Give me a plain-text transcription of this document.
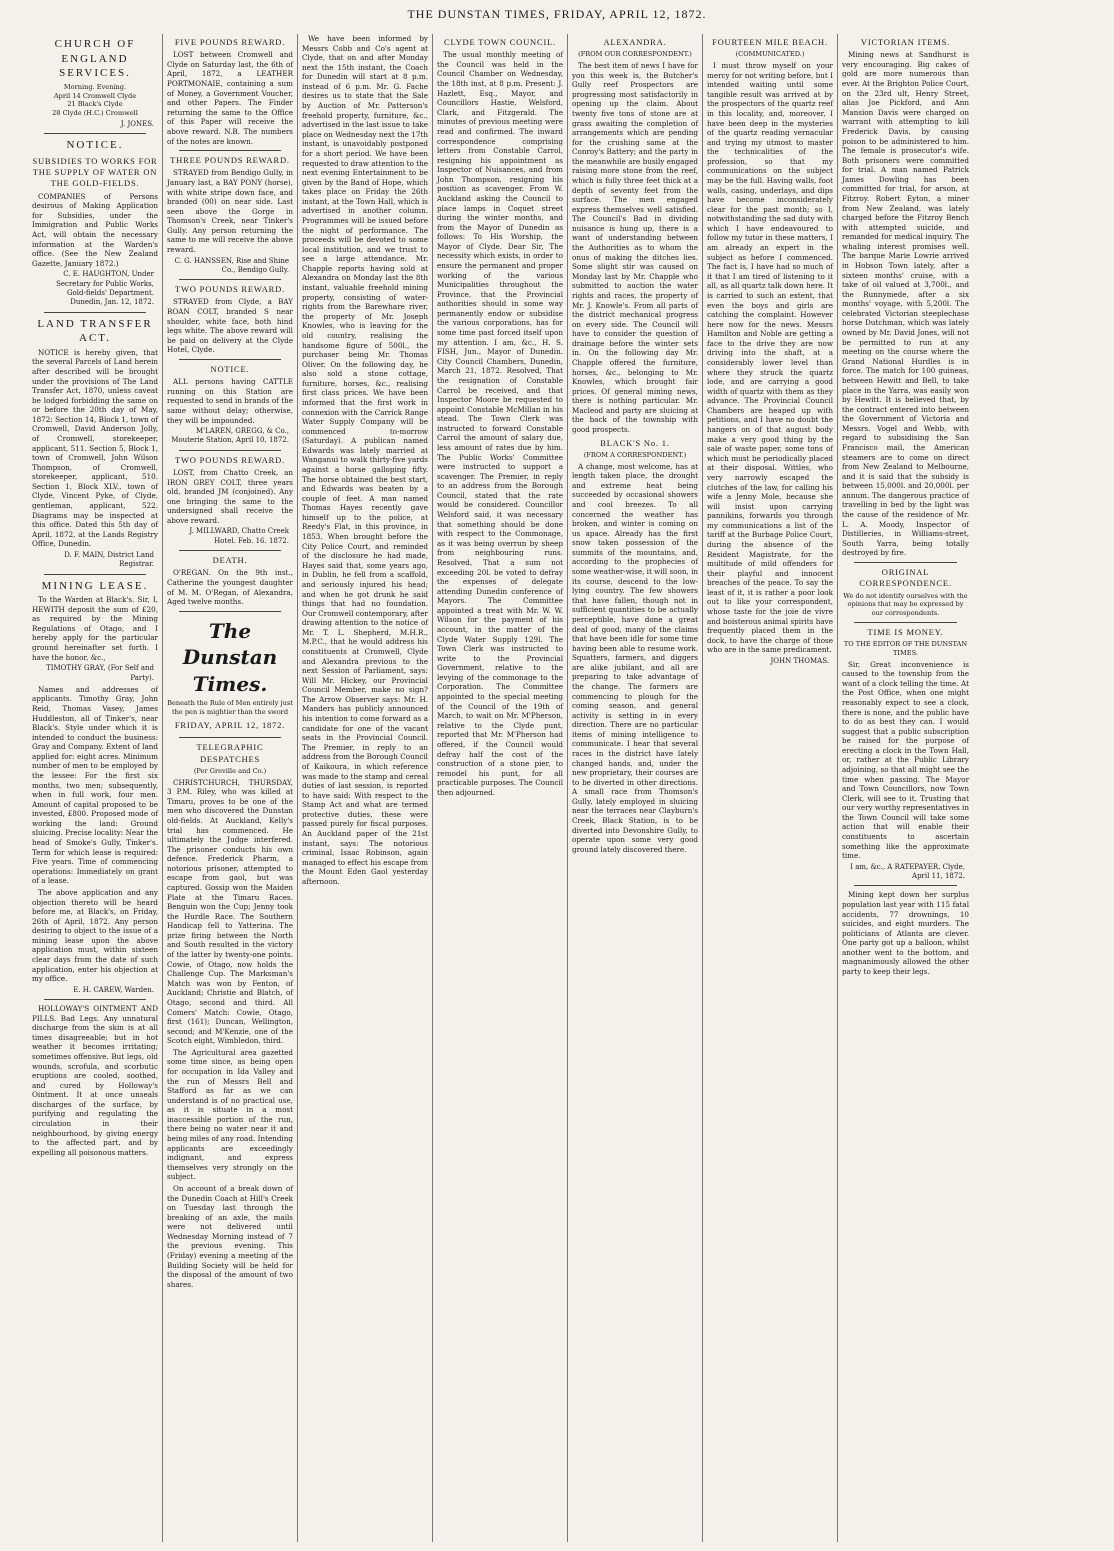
THE DUNSTAN TIMES, FRIDAY, APRIL 12, 1872.
CHURCH OF ENGLAND SERVICES.
Morning. Evening.
April 14 Cromwell Clyde
21 Black's Clyde
28 Clyde (H.C.) Cromwell
J. JONES.
NOTICE.
SUBSIDIES TO WORKS FOR THE SUPPLY OF WATER ON THE GOLD-FIELDS.

COMPANIES of Persons desirous of Making Application for Subsidies, under the Immigration and Public Works Act, will obtain the necessary information at the Warden's office. (See the New Zealand Gazette, January 1872.)

C. E. HAUGHTON, Under Secretary for Public Works, Gold-fields' Department. Dunedin, Jan. 12, 1872.
LAND TRANSFER ACT.

NOTICE is hereby given, that the several Parcels of Land herein after described will be brought under the provisions of The Land Transfer Act, 1870, unless caveat be lodged forbidding the same on or before the 20th day of May, 1872: Section 14, Block 1, town of Cromwell, David Anderson Jolly, of Cromwell, storekeeper, applicant, 511. Section 5, Block 1, town of Cromwell, John Wilson Thompson, of Cromwell, storekeeper, applicant, 510. Section 1, Block XLV., town of Clyde, Vincent Pyke, of Clyde, gentleman, applicant, 522. Diagrams may be inspected at this office. Dated this 5th day of April, 1872, at the Lands Registry Office, Dunedin.

D. F. MAIN, District Land Registrar.
MINING LEASE.

To the Warden at Black's. Sir, I, HEWITH deposit the sum of £20, as required by the Mining Regulations of Otago, and I hereby apply for the particular ground hereinafter set forth. I have the honor, &c.,

TIMOTHY GRAY, (For Self and Party).

Names and addresses of applicants. Timothy Gray, John Reid, Thomas Vasey, James Huddleston, all of Tinker's, near Black's. Style under which it is intended to conduct the business: Gray and Company. Extent of land applied for: eight acres. Minimum number of men to be employed by the lessee: For the first six months, two men; subsequently, when in full work, four men. Amount of capital proposed to be invested, £800. Proposed mode of working the land: Ground sluicing. Precise locality: Near the head of Smoke's Gully, Tinker's. Term for which lease is required: Five years. Time of commencing operations: Immediately on grant of a lease.

The above application and any objection thereto will be heard before me, at Black's, on Friday, 26th of April, 1872. Any person desiring to object to the issue of a mining lease upon the above application must, within sixteen clear days from the date of such application, enter his objection at my office.

E. H. CAREW, Warden.

HOLLOWAY'S OINTMENT AND PILLS. Bad Legs. Any unnatural discharge from the skin is at all times disagreeable; but in hot weather it becomes irritating; sometimes offensive. But legs, old wounds, scrofula, and scorbutic eruptions are cooled, soothed, and cured by Holloway's Ointment. It at once unseals discharges of the surface, by purifying and regulating the circulation in their neighbourhood, by giving energy to the affected part, and by expelling all poisonous matters.

FIVE POUNDS REWARD.

LOST between Cromwell and Clyde on Saturday last, the 6th of April, 1872, a LEATHER PORTMONAIE, containing a sum of Money, a Government Voucher, and other Papers. The Finder returning the same to the Office of this Paper will receive the above reward. N.B. The numbers of the notes are known.

THREE POUNDS REWARD.

STRAYED from Bendigo Gully, in January last, a BAY PONY (horse), with white stripe down face, and branded (00) on near side. Last seen above the Gorge in Thomson's Creek, near Tinker's Gully. Any person returning the same to me will receive the above reward.

C. G. HANSSEN, Rise and Shine Co., Bendigo Gully.
TWO POUNDS REWARD.

STRAYED from Clyde, a BAY ROAN COLT, branded S near shoulder, white face, both hind legs white. The above reward will be paid on delivery at the Clyde Hotel, Clyde.

NOTICE.

ALL persons having CATTLE running on this Station are requested to send in brands of the same without delay; otherwise, they will be impounded.

M'LAREN, GREGG, & Co., Mouterie Station, April 10, 1872.
TWO POUNDS REWARD.

LOST, from Chatto Creek, an IRON GREY COLT, three years old, branded JM (conjoined). Any one bringing the same to the undersigned shall receive the above reward.

J. MILLWARD, Chatto Creek Hotel. Feb. 16. 1872.
DEATH.

O'REGAN. On the 9th inst., Catherine the youngest daughter of M. M. O'Regan, of Alexandra, Aged twelve months.

The Dunstan Times.
Beneath the Rule of Men entirely just the pen is mightier than the sword
FRIDAY, APRIL 12, 1872.
TELEGRAPHIC DESPATCHES
(Per Greville and Co.)

CHRISTCHURCH, THURSDAY, 3 P.M. Riley, who was killed at Timaru, proves to be one of the men who discovered the Dunstan old-fields. At Auckland, Kelly's trial has commenced. He ultimately the Judge interfered. The prisoner conducts his own defence. Frederick Pharm, a notorious prisoner, attempted to escape from gaol, but was captured. Gossip won the Maiden Plate at the Timaru Races. Benguin won the Cup; Jenny took the Hurdle Race. The Southern Handicap fell to Yatterina. The prize firing between the North and South resulted in the victory of the latter by twenty-one points. Cowie, of Otago, now holds the Challenge Cup. The Marksman's Match was won by Fenton, of Auckland; Christie and Blatch, of Otago, second and third. All Comers' Match: Cowie, Otago, first (161); Duncan, Wellington, second; and M'Kenzie, one of the Scotch eight, Wimbledon, third.

The Agricultural area gazetted some time since, as being open for occupation in Ida Valley and the run of Messrs Bell and Stafford as far as we can understand is of no practical use, as it is situate in a most inaccessible portion of the run, there being no water near it and being miles of any road. Intending applicants are exceedingly indignant, and express themselves very strongly on the subject.

On account of a break down of the Dunedin Coach at Hill's Creek on Tuesday last through the breaking of an axle, the mails were not delivered until Wednesday Morning instead of 7 the previous evening. This (Friday) evening a meeting of the Building Society will be held for the disposal of the amount of two shares.

We have been informed by Messrs Cobb and Co's agent at Clyde, that on and after Monday next the 15th instant, the Coach for Dunedin will start at 8 p.m. instead of 6 p.m. Mr. G. Fache desires us to state that the Sale by Auction of Mr. Patterson's freehold property, furniture, &c., advertised in the last issue to take place on Wednesday next the 17th instant, is unavoidably postponed for a short period. We have been requested to draw attention to the next evening Entertainment to be given by the Band of Hope, which takes place on Friday the 26th instant, at the Town Hall, which is advertised in another column. Programmes will be issued before the night of performance. The proceeds will be devoted to some local institution, and we trust to see a large attendance. Mr. Chapple reports having sold at Alexandra on Monday last the 8th instant, valuable freehold mining property, consisting of water-rights from the Barewhare river, the property of Mr. Joseph Knowles, who is leaving for the old country, realising the handsome figure of 500l., the purchaser being Mr. Thomas Oliver. On the following day, he also sold a stone cottage, furniture, horses, &c., realising first class prices. We have been informed that the first work in connexion with the Carrick Range Water Supply Company will be commenced to-morrow (Saturday). A publican named Edwards was lately married at Wanganui to walk thirty-five yards against a horse galloping fifty. The horse obtained the best start, and Edwards was beaten by a couple of feet. A man named Thomas Hayes recently gave himself up to the police, at Reedy's Flat, in this province, in 1853. When brought before the City Police Court, and reminded of the disclosure he had made, Hayes said that, some years ago, in Dublin, he fell from a scaffold, and seriously injured his head; and when he got drunk he said things that had no foundation. Our Cromwell contemporary, after drawing attention to the notice of Mr. T. L. Shepherd, M.H.R., M.P.C., that he would address his constituents at Cromwell, Clyde and Alexandra previous to the next Session of Parliament, says: Will Mr. Hickey, our Provincial Council Member, make no sign? The Arrow Observer says: Mr. H. Manders has publicly announced his intention to come forward as a candidate for one of the vacant seats in the Provincial Council. The Premier, in reply to an address from the Borough Council of Kaikoura, in which reference was made to the stamp and cereal duties of last session, is reported to have said: With respect to the Stamp Act and what are termed protective duties, these were passed purely for fiscal purposes. An Auckland paper of the 21st instant, says: The notorious criminal, Isaac Robinson, again managed to effect his escape from the Mount Eden Gaol yesterday afternoon.

CLYDE TOWN COUNCIL.

The usual monthly meeting of the Council was held in the Council Chamber on Wednesday, the 18th inst, at 8 p.m. Present: J. Hazlett, Esq., Mayor, and Councillors Hastie, Welsford, Clark, and Fitzgerald. The minutes of previous meeting were read and confirmed. The inward correspondence comprising letters from Constable Carrol, resigning his appointment as Inspector of Nuisances, and from John Thompson, resigning his position as scavenger. From W. Auckland asking the Council to place lamps in Coquet street during the winter months, and from the Mayor of Dunedin as follows: To His Worship, the Mayor of Clyde. Dear Sir, The necessity which exists, in order to ensure the permanent and proper working of the various Municipalities throughout the Province, that the Provincial authorities should in some way permanently endow or subsidise the various corporations, has for some time past forced itself upon my attention. I am, &c., H. S. FISH, Jun., Mayor of Dunedin. City Council Chambers, Dunedin, March 21, 1872. Resolved, That the resignation of Constable Carrol be received, and that Inspector Moore be requested to appoint Constable McMillan in his stead. The Town Clerk was instructed to forward Constable Carrol the amount of salary due, less amount of rates due by him. The Public Works' Committee were instructed to support a scavenger. The Premier, in reply to an address from the Borough Council, stated that the rate would be considered. Councillor Welsford said, it was necessary that something should be done with respect to the Commonage, as it was being overrun by sheep from neighbouring runs. Resolved, That a sum not exceeding 20l. be voted to defray the expenses of delegate attending Dunedin conference of Mayors. The Committee appointed a treat with Mr. W. W. Wilson for the payment of his account, in the matter of the Clyde Water Supply 129l. The Town Clerk was instructed to write to the Provincial Government, relative to the levying of the commonage to the Corporation. The Committee appointed to the special meeting of the Council of the 19th of March, to wait on Mr. M'Pherson, relative to the Clyde punt, reported that Mr. M'Pherson had offered, if the Council would defray half the cost of the construction of a stone pier, to remodel his punt, for all practicable purposes. The Council then adjourned.

ALEXANDRA.
(FROM OUR CORRESPONDENT.)

The best item of news I have for you this week is, the Butcher's Gully reef Prospectors are progressing most satisfactorily in opening up the claim. About twenty five tons of stone are at grass awaiting the completion of arrangements which are pending for the crushing same at the Conroy's Battery; and the party in the meanwhile are busily engaged raising more stone from the reef, which is fully three feet thick at a depth of seventy feet from the surface. The men engaged express themselves well satisfied. The Council's Bad in dividing nuisance is hung up, there is a want of understanding between the Authorities as to whom the onus of making the ditches lies. Some slight stir was caused on Monday last by Mr. Chapple who submitted to auction the water rights and races, the property of Mr. J. Knowle's. From all parts of the district mechanical progress on every side. The Council will have to consider the question of drainage before the winter sets in. On the following day Mr. Chapple offered the furniture, horses, &c., belonging to Mr. Knowles, which brought fair prices. Of general mining news, there is nothing particular. Mr. Macleod and party are sluicing at the back of the township with good prospects.

BLACK'S No. 1.
(FROM A CORRESPONDENT.)

A change, most welcome, has at length taken place, the drought and extreme heat being succeeded by occasional showers and cool breezes. To all concerned the weather has broken, and winter is coming on us apace. Already has the first snow taken possession of the summits of the mountains, and, according to the prophecies of some weather-wise, it will soon, in its course, descend to the low-lying country. The few showers that have fallen, though not in sufficient quantities to be actually perceptible, have done a great deal of good, many of the claims that have been idle for some time having been able to resume work. Squatters, farmers, and diggers are alike jubilant, and all are preparing to take advantage of the change. The farmers are commencing to plough for the coming season, and general activity is setting in in every direction. There are no particular items of mining intelligence to communicate. I hear that several races in the district have lately changed hands, and, under the new proprietary, their courses are to be diverted in other directions. A small race from Thomson's Gully, lately employed in sluicing near the terraces near Clayburn's Creek, Black Station, is to be diverted into Devonshire Gully, to operate upon some very good ground lately discovered there.

FOURTEEN MILE BEACH.
(COMMUNICATED.)

I must throw myself on your mercy for not writing before, but I intended waiting until some tangible result was arrived at by the prospectors of the quartz reef in this locality, and, moreover, I have been deep in the mysteries of the quartz reading vernacular and trying my utmost to master the technicalities of the profession, so that my communications on the subject may be the full. Having walls, foot walls, casing, underlays, and dips have become inconsiderately clear for the past month; so I, notwithstanding the sad duty with which I have endeavoured to follow my tutor in these matters, I am already an expert in the subject as before I commenced. The fact is, I have had so much of it that I am tired of listening to it all, as all quartz talk down here. It is carried to such an extent, that even the boys and girls are catching the complaint. However here now for the news. Messrs Hamilton and Noble are getting a face to the drive they are now driving into the shaft, at a considerably lower level than where they struck the quartz lode, and are carrying a good width of quartz with them as they advance. The Provincial Council Chambers are heaped up with petitions, and I have no doubt the hangers on of that august body make a very good thing by the sale of waste paper, some tons of which must be periodically placed at their disposal. Wittles, who very narrowly escaped the clutches of the law, for calling his wife a Jenny Mole, because she will insist upon carrying pannikins, forwards you through my communications a list of the tariff at the Burbage Police Court, during the absence of the Resident Magistrate, for the multitude of mild offenders for their playful and innocent breaches of the peace. To say the least of it, it is rather a poor look out to like your correspondent, whose taste for the joie de vivre and boisterous animal spirits have frequently placed them in the dock, to have the charge of those who are in the same predicament.

JOHN THOMAS.
VICTORIAN ITEMS.

Mining news at Sandhurst is very encouraging. Big cakes of gold are more numerous than ever. At the Brighton Police Court, on the 23rd ult, Henry Street, alias Joe Pickford, and Ann Mansion Davis were charged on warrant with attempting to kill Frederick Davis, by causing poison to be administered to him. The female is prosecutor's wife. Both prisoners were committed for trial. A man named Patrick James Dowling has been committed for trial, for arson, at Fitzroy. Robert Eyton, a miner from New Zealand, was lately charged before the Fitzroy Bench with attempted suicide, and remanded for medical inquiry. The whaling interest promises well. The barque Marie Lowrie arrived in Hobson Town lately, after a sixteen months' cruise, with a take of oil valued at 3,700l., and the Runnymede, after a six months' voyage, with 5,200l. The celebrated Victorian steeplechase horse Dutchman, which was lately owned by Mr. David Jones, will not be permitted to run at any meeting on the course where the Grand National Hurdles is in force. The match for 100 guineas, between Hewitt and Bell, to take place in the Yarra, was easily won by Hewitt. It is believed that, by the contract entered into between the Government of Victoria and Messrs. Vogel and Webb, with regard to subsidising the San Francisco mail, the American steamers are to come on direct from New Zealand to Melbourne, and it is said that the subsidy is between 15,000l. and 20,000l. per annum. The dangerous practice of travelling in bed by the light was the cause of the residence of Mr. L. A. Moody, Inspector of Distilleries, in Williams-street, South Yarra, being totally destroyed by fire.

ORIGINAL CORRESPONDENCE.
We do not identify ourselves with the opinions that may be expressed by our correspondents.
TIME IS MONEY.
TO THE EDITOR OF THE DUNSTAN TIMES.

Sir, Great inconvenience is caused to the township from the want of a clock telling the time. At the Post Office, when one might reasonably expect to see a clock, there is none, and the public have to do as best they can. I would suggest that a public subscription be raised for the purpose of erecting a clock in the Town Hall, or, rather at the Public Library adjoining, so that all might see the time when passing. The Mayor and Town Councillors, now Town Clerk, will see to it. Trusting that our very worthy representatives in the Town Council will take some action that will enable their constituents to ascertain something like the approximate time.

I am, &c., A RATEPAYER. Clyde, April 11, 1872.

Mining kept down her surplus population last year with 115 fatal accidents, 77 drownings, 10 suicides, and eight murders. The politicians of Atlanta are clever. One party got up a balloon, whilst another went to the bottom, and magnanimously allowed the other party to keep their legs.
